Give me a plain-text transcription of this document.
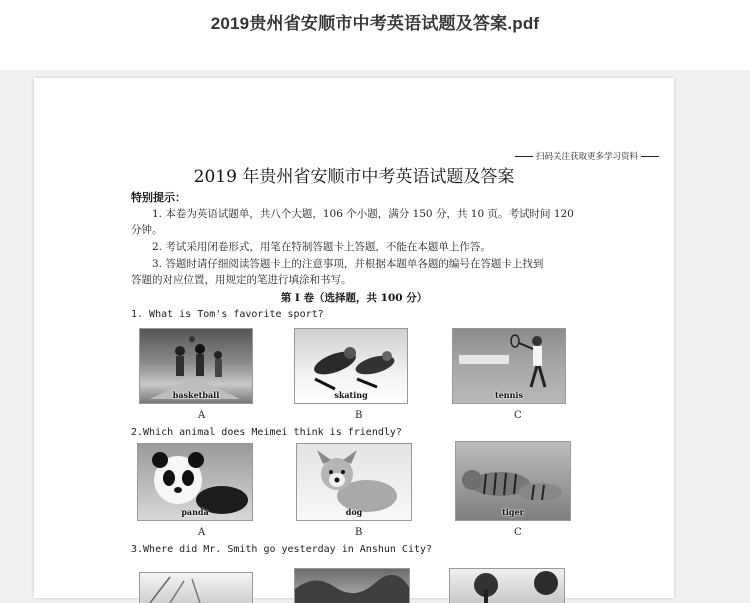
2019贵州省安顺市中考英语试题及答案.pdf
扫码关注获取更多学习资料
2019 年贵州省安顺市中考英语试题及答案
特别提示：
1. 本卷为英语试题单，共八个大题，106 个小题，满分 150 分，共 10 页。考试时间 120
分钟。
2. 考试采用闭卷形式，用笔在特制答题卡上答题，不能在本题单上作答。
3. 答题时请仔细阅读答题卡上的注意事项，并根据本题单各题的编号在答题卡上找到
答题的对应位置，用规定的笔进行填涂和书写。
第 I 卷（选择题，共 100 分）
1. What is Tom's favorite sport?
basketball	skating	tennis
A	B	C
2.Which animal does Meimei think is friendly?
panda	dog	tiger
A	B	C
3.Where did Mr. Smith go yesterday in Anshun City?
